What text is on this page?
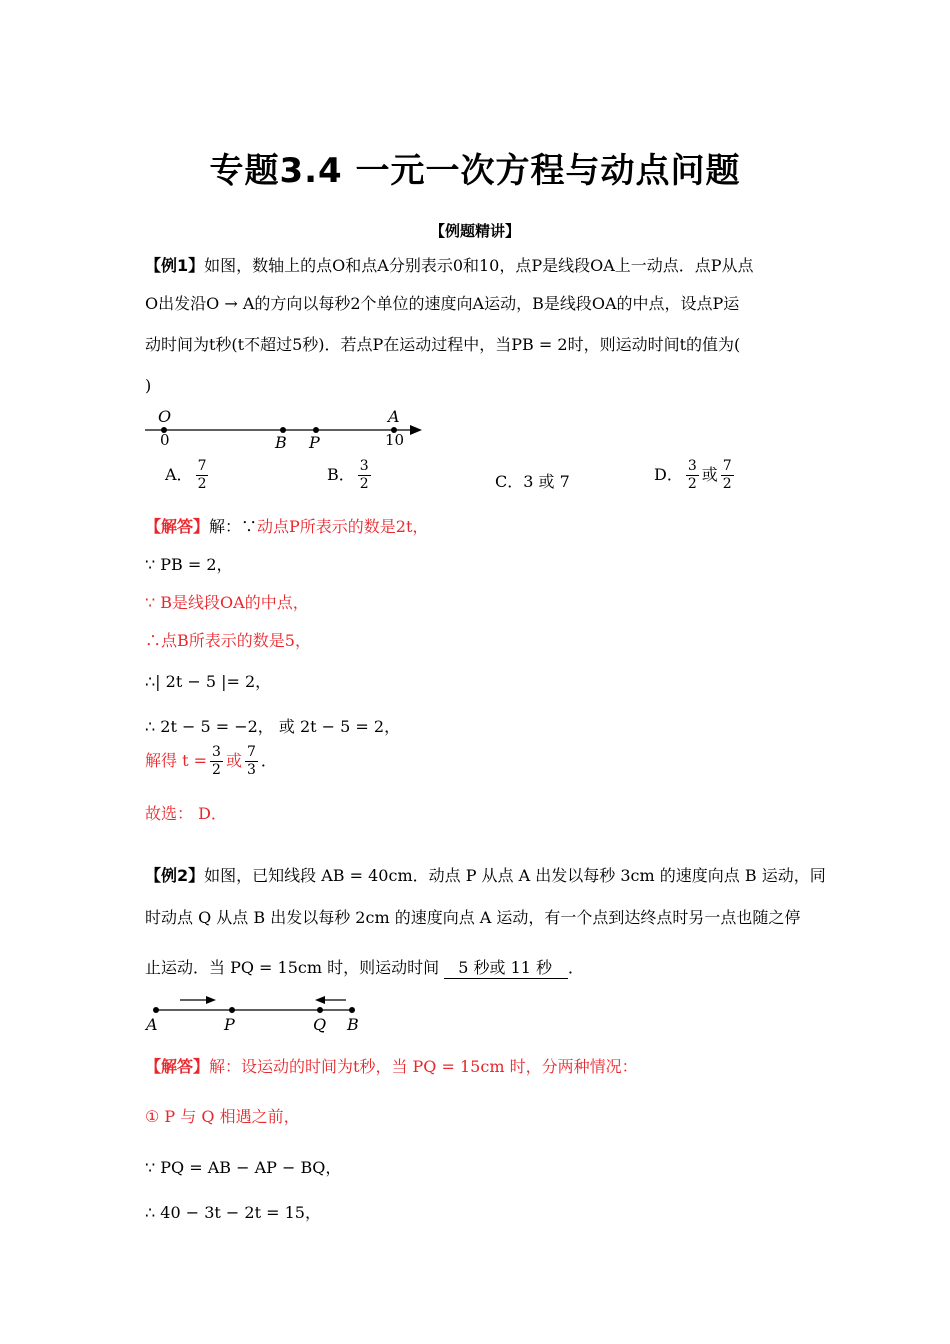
专题3.4 一元一次方程与动点问题
【例题精讲】
【例1】如图，数轴上的点O和点A分别表示0和10，点P是线段OA上一动点．点P从点
O出发沿O → A的方向以每秒2个单位的速度向A运动，B是线段OA的中点，设点P运
动时间为t秒(t不超过5秒)．若点P在运动过程中，当PB = 2时，则运动时间t的值为(
)
O	A
0	10
B P
A． $\frac{7}{2}$	B． $\frac{3}{2}$	C．3 或 7	D． $\frac{3}{2}$ 或 $\frac{7}{2}$
【解答】解：∵动点P所表示的数是2t，
∵ PB = 2，
∵ B是线段OA的中点，
∴点B所表示的数是5，
∴| 2t − 5 |= 2，
∴ 2t − 5 = −2， 或 2t − 5 = 2，
解得 $t = \frac{3}{2}$ 或 $\frac{7}{3}$ ．
故选： D．
【例2】如图，已知线段 AB = 40cm．动点 P 从点 A 出发以每秒 3cm 的速度向点 B 运动，同
时动点 Q 从点 B 出发以每秒 2cm 的速度向点 A 运动，有一个点到达终点时另一点也随之停
止运动．当 PQ = 15cm 时，则运动时间 5 秒或 11 秒 ．
A	P	Q B
【解答】解：设运动的时间为t秒，当 PQ = 15cm 时，分两种情况：
① P 与 Q 相遇之前，
∵ PQ = AB − AP − BQ，
∴ 40 − 3t − 2t = 15，
